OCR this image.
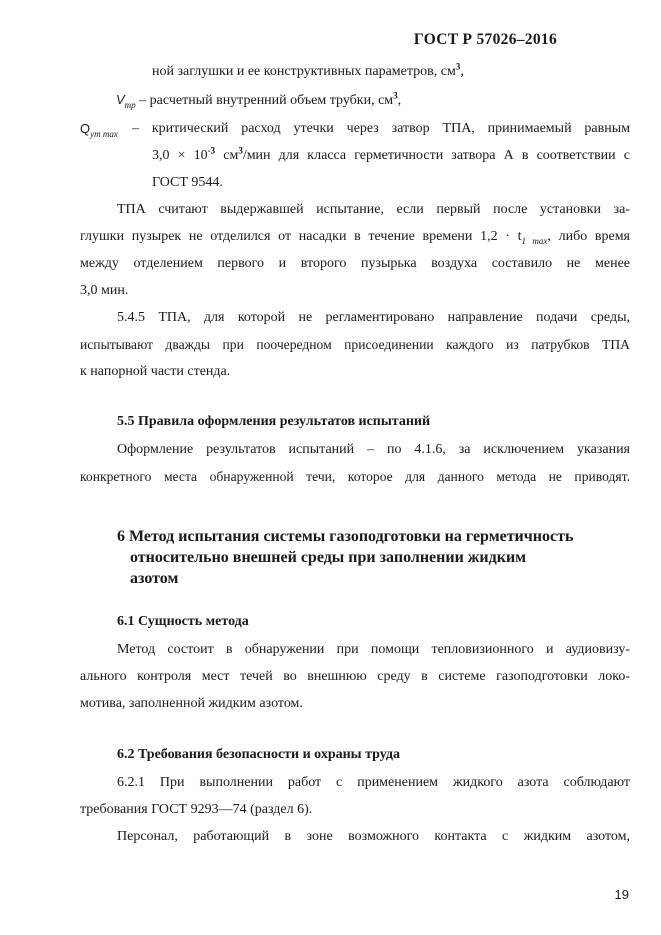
ГОСТ Р 57026–2016
ной заглушки и ее конструктивных параметров, $см^3$,
$V_{тр}$ – расчетный внутренний объем трубки, $см^3$,
$Q_{ут max}$ – критический расход утечки через затвор ТПА, принимаемый равным
$3,0 \times 10^{-3}$ $см^3$/мин для класса герметичности затвора А в соответствии с
ГОСТ 9544.
ТПА считают выдержавшей испытание, если первый после установки за-
глушки пузырек не отделился от насадки в течение времени $1,2 \cdot t_{1 max}$, либо время
между отделением первого и второго пузырька воздуха составило не менее
3,0 мин.
5.4.5 ТПА, для которой не регламентировано направление подачи среды,
испытывают дважды при поочередном присоединении каждого из патрубков ТПА
к напорной части стенда.
5.5 Правила оформления результатов испытаний
Оформление результатов испытаний – по 4.1.6, за исключением указания
конкретного места обнаруженной течи, которое для данного метода не приводят.
6 Метод испытания системы газоподготовки на герметичность
относительно внешней среды при заполнении жидким
азотом
6.1 Сущность метода
Метод состоит в обнаружении при помощи тепловизионного и аудиовизу-
ального контроля мест течей во внешнюю среду в системе газоподготовки локо-
мотива, заполненной жидким азотом.
6.2 Требования безопасности и охраны труда
6.2.1 При выполнении работ с применением жидкого азота соблюдают
требования ГОСТ 9293—74 (раздел 6).
Персонал, работающий в зоне возможного контакта с жидким азотом,
19
